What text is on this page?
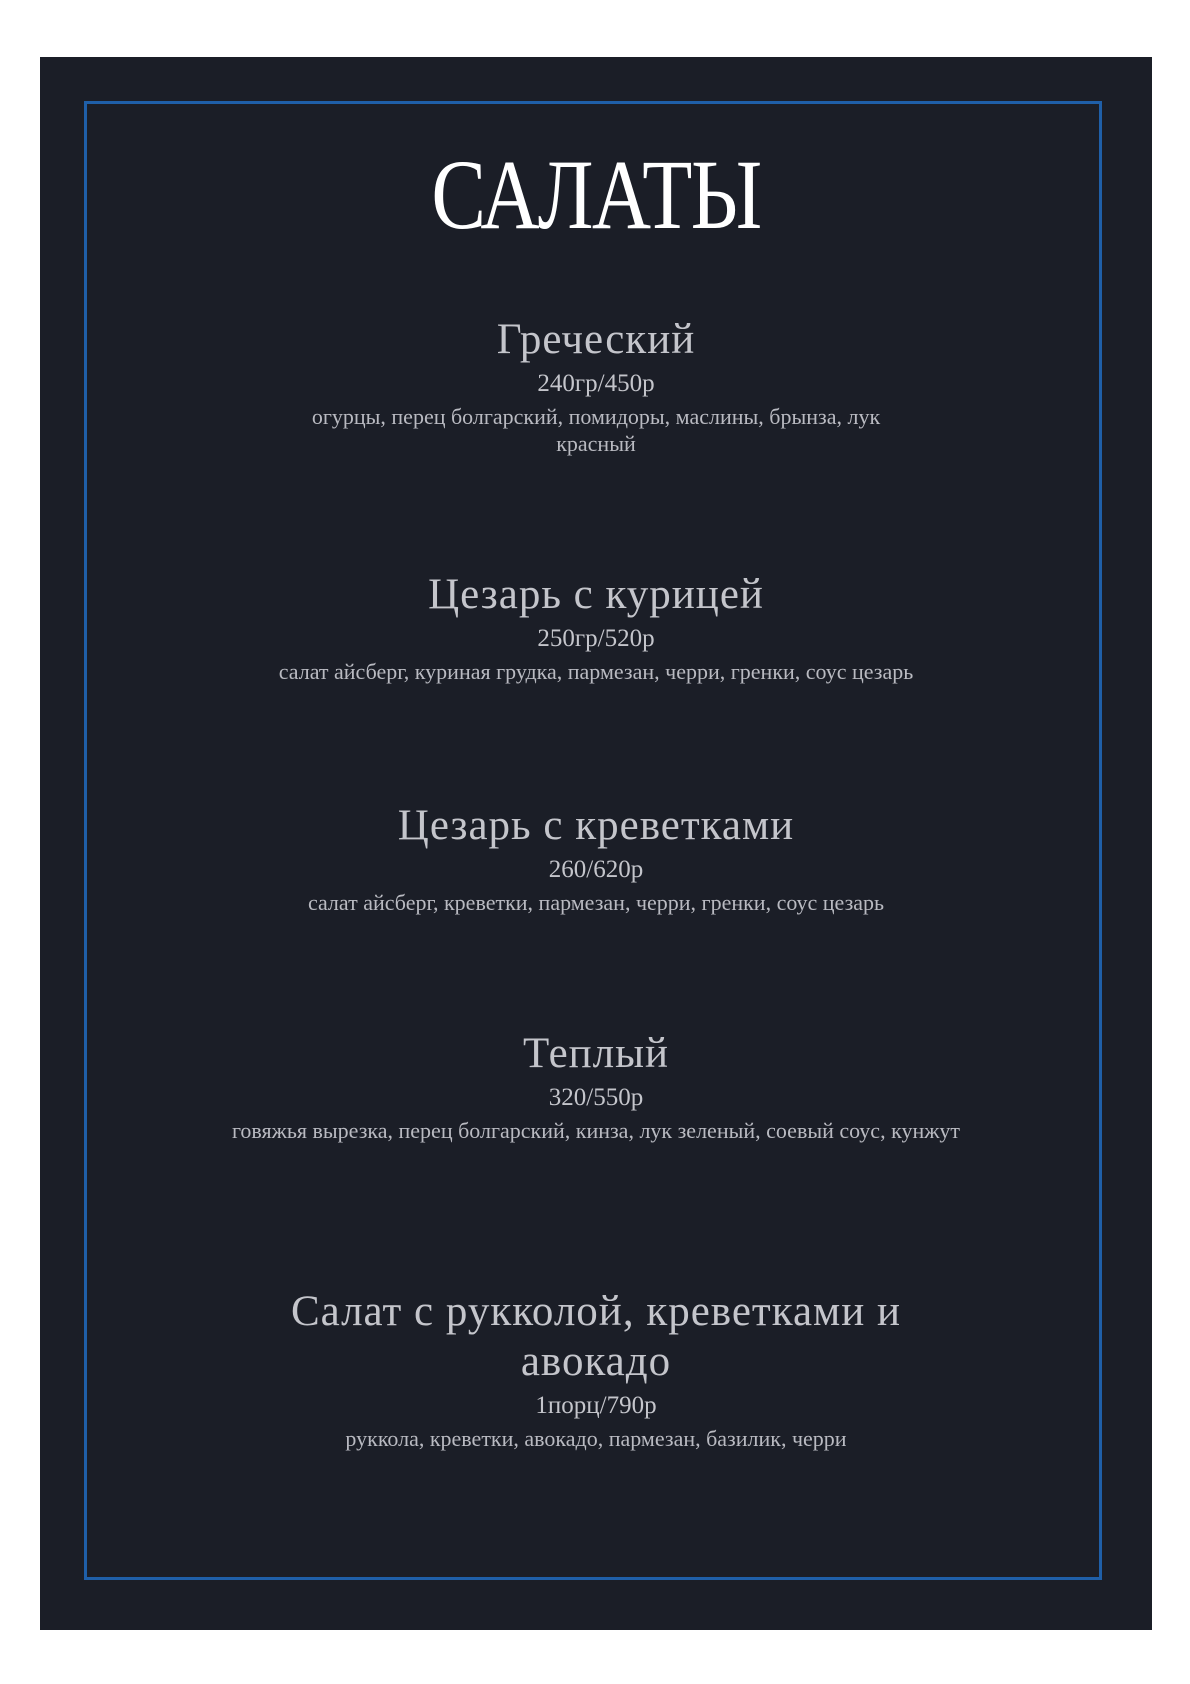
САЛАТЫ
Греческий
240гр/450р
огурцы, перец болгарский, помидоры, маслины, брынза, лук красный
Цезарь с курицей
250гр/520р
салат айсберг, куриная грудка, пармезан, черри, гренки, соус цезарь
Цезарь с креветками
260/620р
салат айсберг, креветки, пармезан, черри, гренки, соус цезарь
Теплый
320/550р
говяжья вырезка, перец болгарский, кинза, лук зеленый, соевый соус, кунжут
Салат с рукколой, креветками и авокадо
1порц/790р
руккола, креветки, авокадо, пармезан, базилик, черри
